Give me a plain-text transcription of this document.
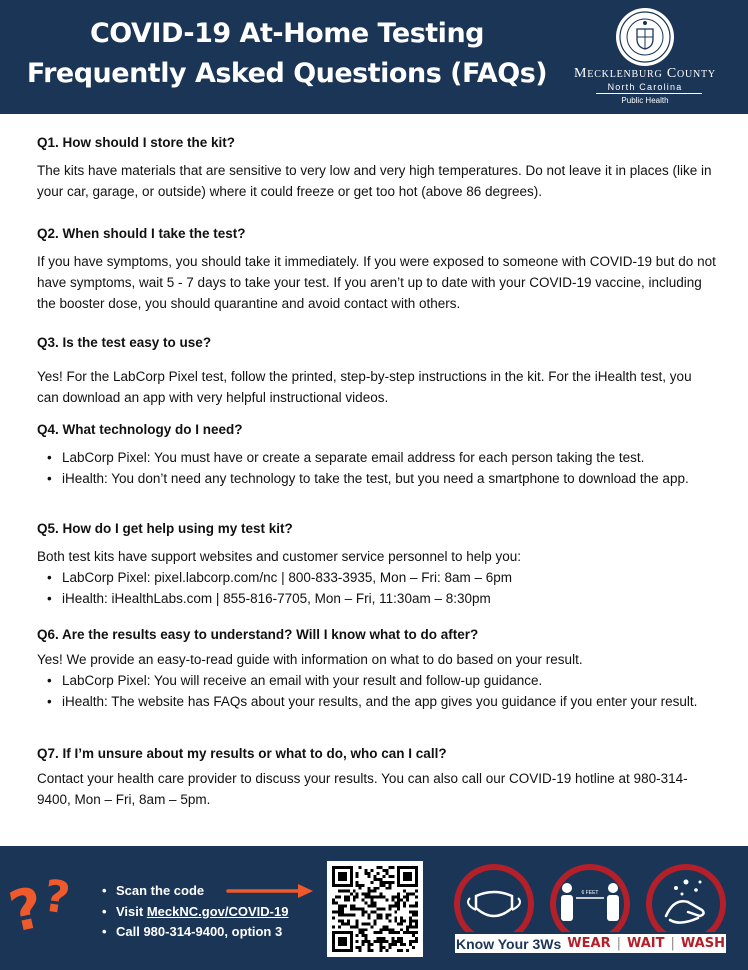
COVID-19 At-Home Testing
Frequently Asked Questions (FAQs)	Mecklenburg County
North Carolina
Public Health
Q1. How should I store the kit?
The kits have materials that are sensitive to very low and very high temperatures. Do not leave it in places (like in your car, garage, or outside) where it could freeze or get too hot (above 86 degrees).
Q2. When should I take the test?
If you have symptoms, you should take it immediately. If you were exposed to someone with COVID-19 but do not have symptoms, wait 5 - 7 days to take your test. If you aren’t up to date with your COVID-19 vaccine, including the booster dose, you should quarantine and avoid contact with others.
Q3. Is the test easy to use?
Yes! For the LabCorp Pixel test, follow the printed, step-by-step instructions in the kit. For the iHealth test, you can download an app with very helpful instructional videos.
Q4. What technology do I need?
• LabCorp Pixel: You must have or create a separate email address for each person taking the test.
• iHealth: You don’t need any technology to take the test, but you need a smartphone to download the app.
Q5. How do I get help using my test kit?
Both test kits have support websites and customer service personnel to help you:
• LabCorp Pixel: pixel.labcorp.com/nc | 800-833-3935, Mon – Fri: 8am – 6pm
• iHealth: iHealthLabs.com | 855-816-7705, Mon – Fri, 11:30am – 8:30pm
Q6. Are the results easy to understand? Will I know what to do after?
Yes! We provide an easy-to-read guide with information on what to do based on your result.
• LabCorp Pixel: You will receive an email with your result and follow-up guidance.
• iHealth: The website has FAQs about your results, and the app gives you guidance if you enter your result.
Q7. If I’m unsure about my results or what to do, who can I call?
Contact your health care provider to discuss your results. You can also call our COVID-19 hotline at 980-314-9400, Mon – Fri, 8am – 5pm.
?
?
•	Scan the code
• Visit MeckNC.gov/COVID-19
• Call 980-314-9400, option 3
6 FEET
Know Your 3Ws WEAR | WAIT | WASH
